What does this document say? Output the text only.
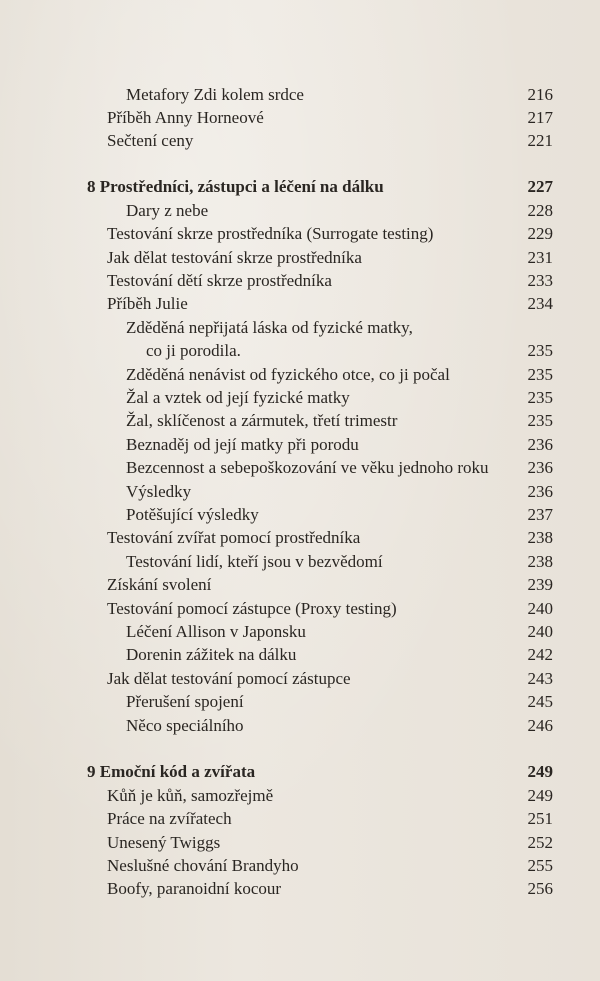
Metafory Zdi kolem srdce	216
Příběh Anny Horneové	217
Sečtení ceny	221
8 Prostředníci, zástupci a léčení na dálku	227
Dary z nebe	228
Testování skrze prostředníka (Surrogate testing)	229
Jak dělat testování skrze prostředníka	231
Testování dětí skrze prostředníka	233
Příběh Julie	234
Zděděná nepřijatá láska od fyzické matky,
co ji porodila.	235
Zděděná nenávist od fyzického otce, co ji počal	235
Žal a vztek od její fyzické matky	235
Žal, sklíčenost a zármutek, třetí trimestr	235
Beznaděj od její matky při porodu	236
Bezcennost a sebepoškozování ve věku jednoho roku 236
Výsledky	236
Potěšující výsledky	237
Testování zvířat pomocí prostředníka	238
Testování lidí, kteří jsou v bezvědomí	238
Získání svolení	239
Testování pomocí zástupce (Proxy testing)	240
Léčení Allison v Japonsku	240
Dorenin zážitek na dálku	242
Jak dělat testování pomocí zástupce	243
Přerušení spojení	245
Něco speciálního	246
9 Emoční kód a zvířata	249
Kůň je kůň, samozřejmě	249
Práce na zvířatech	251
Unesený Twiggs	252
Neslušné chování Brandyho	255
Boofy, paranoidní kocour	256
